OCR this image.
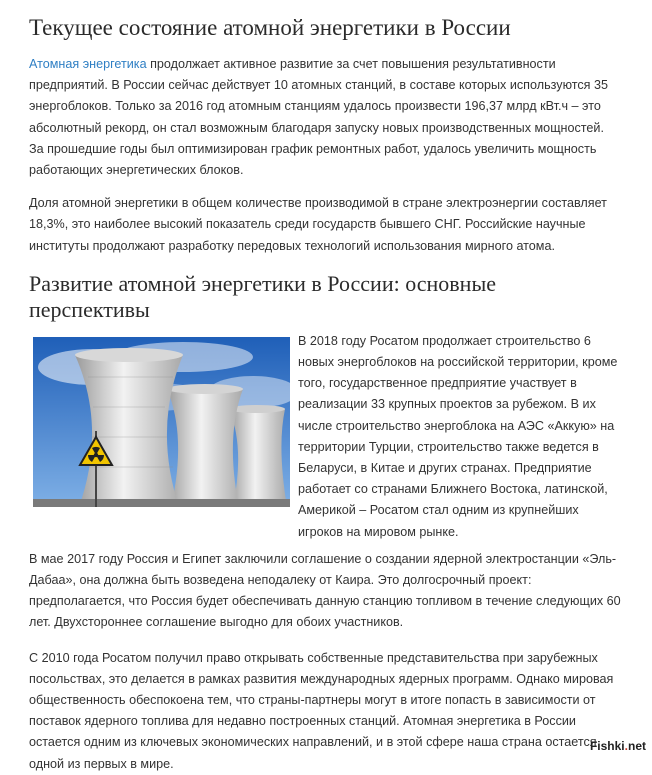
Текущее состояние атомной энергетики в России

Атомная энергетика продолжает активное развитие за счет повышения результативности предприятий. В России сейчас действует 10 атомных станций, в составе которых используются 35 энергоблоков. Только за 2016 год атомным станциям удалось произвести 196,37 млрд кВт.ч – это абсолютный рекорд, он стал возможным благодаря запуску новых производственных мощностей. За прошедшие годы был оптимизирован график ремонтных работ, удалось увеличить мощность работающих энергетических блоков.

Доля атомной энергетики в общем количестве производимой в стране электроэнергии составляет 18,3%, это наиболее высокий показатель среди государств бывшего СНГ. Российские научные институты продолжают разработку передовых технологий использования мирного атома.

Развитие атомной энергетики в России: основные перспективы

В 2018 году Росатом продолжает строительство 6 новых энергоблоков на российской территории, кроме того, государственное предприятие участвует в реализации 33 крупных проектов за рубежом. В их числе строительство энергоблока на АЭС «Аккую» на территории Турции, строительство также ведется в Беларуси, в Китае и других странах. Предприятие работает со странами Ближнего Востока, латинской, Америкой – Росатом стал одним из крупнейших игроков на мировом рынке.

В мае 2017 году Россия и Египет заключили соглашение о создании ядерной электростанции «Эль-Дабаа», она должна быть возведена неподалеку от Каира. Это долгосрочный проект: предполагается, что Россия будет обеспечивать данную станцию топливом в течение следующих 60 лет. Двухстороннее соглашение выгодно для обоих участников.

С 2010 года Росатом получил право открывать собственные представительства при зарубежных посольствах, это делается в рамках развития международных ядерных программ. Однако мировая общественность обеспокоена тем, что страны-партнеры могут в итоге попасть в зависимости от поставок ядерного топлива для недавно построенных станций. Атомная энергетика в России остается одним из ключевых экономических направлений, и в этой сфере наша страна остается одной из первых в мире.

Fishki.net
